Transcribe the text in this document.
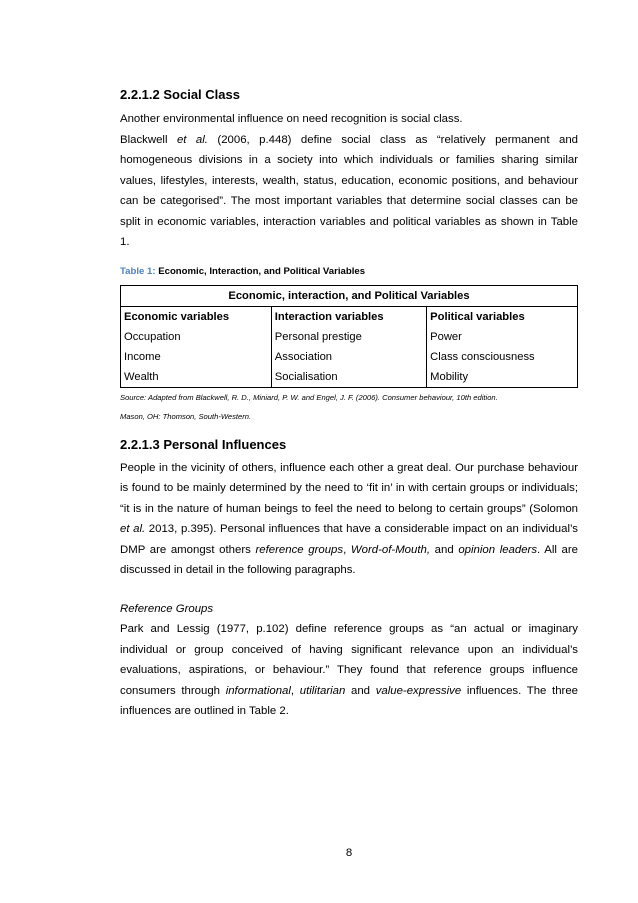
2.2.1.2 Social Class

Another environmental influence on need recognition is social class.

Blackwell et al. (2006, p.448) define social class as “relatively permanent and homogeneous divisions in a society into which individuals or families sharing similar values, lifestyles, interests, wealth, status, education, economic positions, and behaviour can be categorised”. The most important variables that determine social classes can be split in economic variables, interaction variables and political variables as shown in Table 1.

Table 1: Economic, Interaction, and Political Variables

Economic, interaction, and Political Variables		
Economic variables	Interaction variables	Political variables
Occupation	Personal prestige	Power
Income	Association	Class consciousness
Wealth	Socialisation	Mobility

Source: Adapted from Blackwell, R. D., Miniard, P. W. and Engel, J. F. (2006). Consumer behaviour, 10th edition.

Mason, OH: Thomson, South-Western.

2.2.1.3 Personal Influences

People in the vicinity of others, influence each other a great deal. Our purchase behaviour is found to be mainly determined by the need to ‘fit in’ in with certain groups or individuals; “it is in the nature of human beings to feel the need to belong to certain groups” (Solomon et al. 2013, p.395). Personal influences that have a considerable impact on an individual’s DMP are amongst others reference groups, Word-of-Mouth, and opinion leaders. All are discussed in detail in the following paragraphs.

Reference Groups

Park and Lessig (1977, p.102) define reference groups as “an actual or imaginary individual or group conceived of having significant relevance upon an individual’s evaluations, aspirations, or behaviour.” They found that reference groups influence consumers through informational, utilitarian and value-expressive influences. The three influences are outlined in Table 2.

8
